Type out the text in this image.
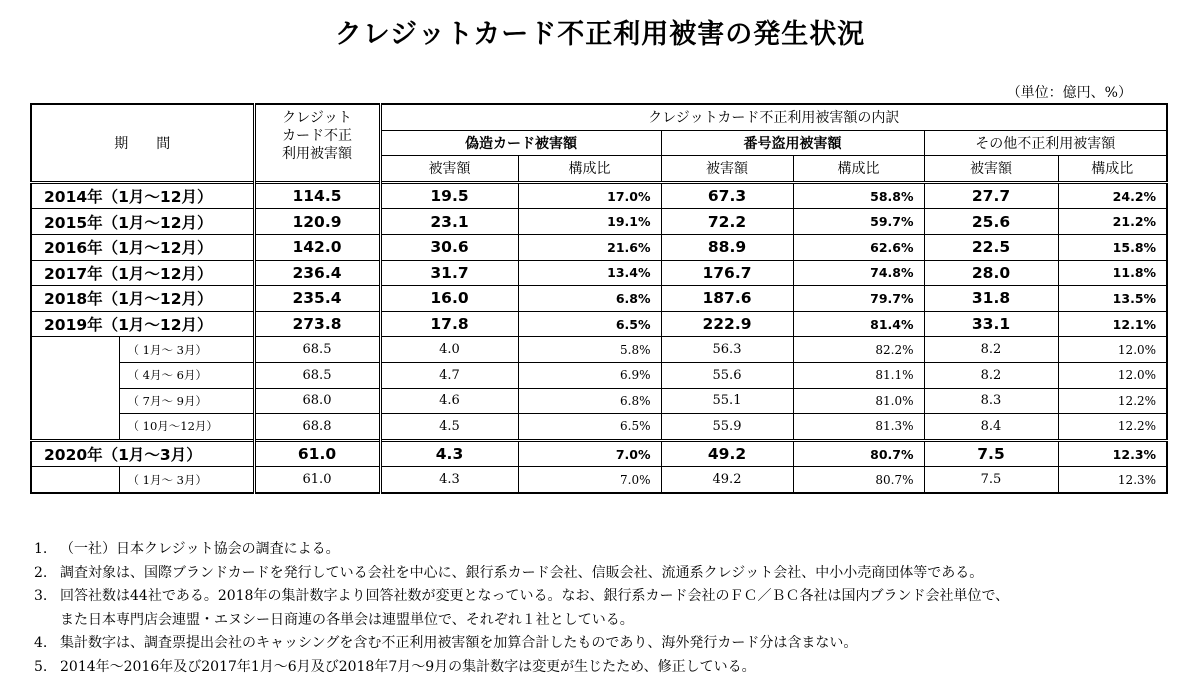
クレジットカード不正利用被害の発生状況
（単位：億円、%）
期　　間		クレジット
カード不正
利用被害額	クレジットカード不正利用被害額の内訳					
			偽造カード被害額		番号盗用被害額		その他不正利用被害額	
			被害額	構成比	被害額	構成比	被害額	構成比
2014年（1月～12月）		114.5	19.5	17.0%	67.3	58.8%	27.7	24.2%
2015年（1月～12月）		120.9	23.1	19.1%	72.2	59.7%	25.6	21.2%
2016年（1月～12月）		142.0	30.6	21.6%	88.9	62.6%	22.5	15.8%
2017年（1月～12月）		236.4	31.7	13.4%	176.7	74.8%	28.0	11.8%
2018年（1月～12月）		235.4	16.0	6.8%	187.6	79.7%	31.8	13.5%
2019年（1月～12月）		273.8	17.8	6.5%	222.9	81.4%	33.1	12.1%
	（ 1月～ 3月）	68.5	4.0	5.8%	56.3	82.2%	8.2	12.0%
	（ 4月～ 6月）	68.5	4.7	6.9%	55.6	81.1%	8.2	12.0%
	（ 7月～ 9月）	68.0	4.6	6.8%	55.1	81.0%	8.3	12.2%
	（ 10月～12月）	68.8	4.5	6.5%	55.9	81.3%	8.4	12.2%
2020年（1月～3月）		61.0	4.3	7.0%	49.2	80.7%	7.5	12.3%
	（ 1月～ 3月）	61.0	4.3	7.0%	49.2	80.7%	7.5	12.3%
1. （一社）日本クレジット協会の調査による。
2. 調査対象は、国際ブランドカードを発行している会社を中心に、銀行系カード会社、信販会社、流通系クレジット会社、中小小売商団体等である。
3. 回答社数は44社である。2018年の集計数字より回答社数が変更となっている。なお、銀行系カード会社のＦＣ／ＢＣ各社は国内ブランド会社単位で、
また日本専門店会連盟・エヌシー日商連の各単会は連盟単位で、それぞれ１社としている。
4. 集計数字は、調査票提出会社のキャッシングを含む不正利用被害額を加算合計したものであり、海外発行カード分は含まない。
5. 2014年～2016年及び2017年1月～6月及び2018年7月～9月の集計数字は変更が生じたため、修正している。
